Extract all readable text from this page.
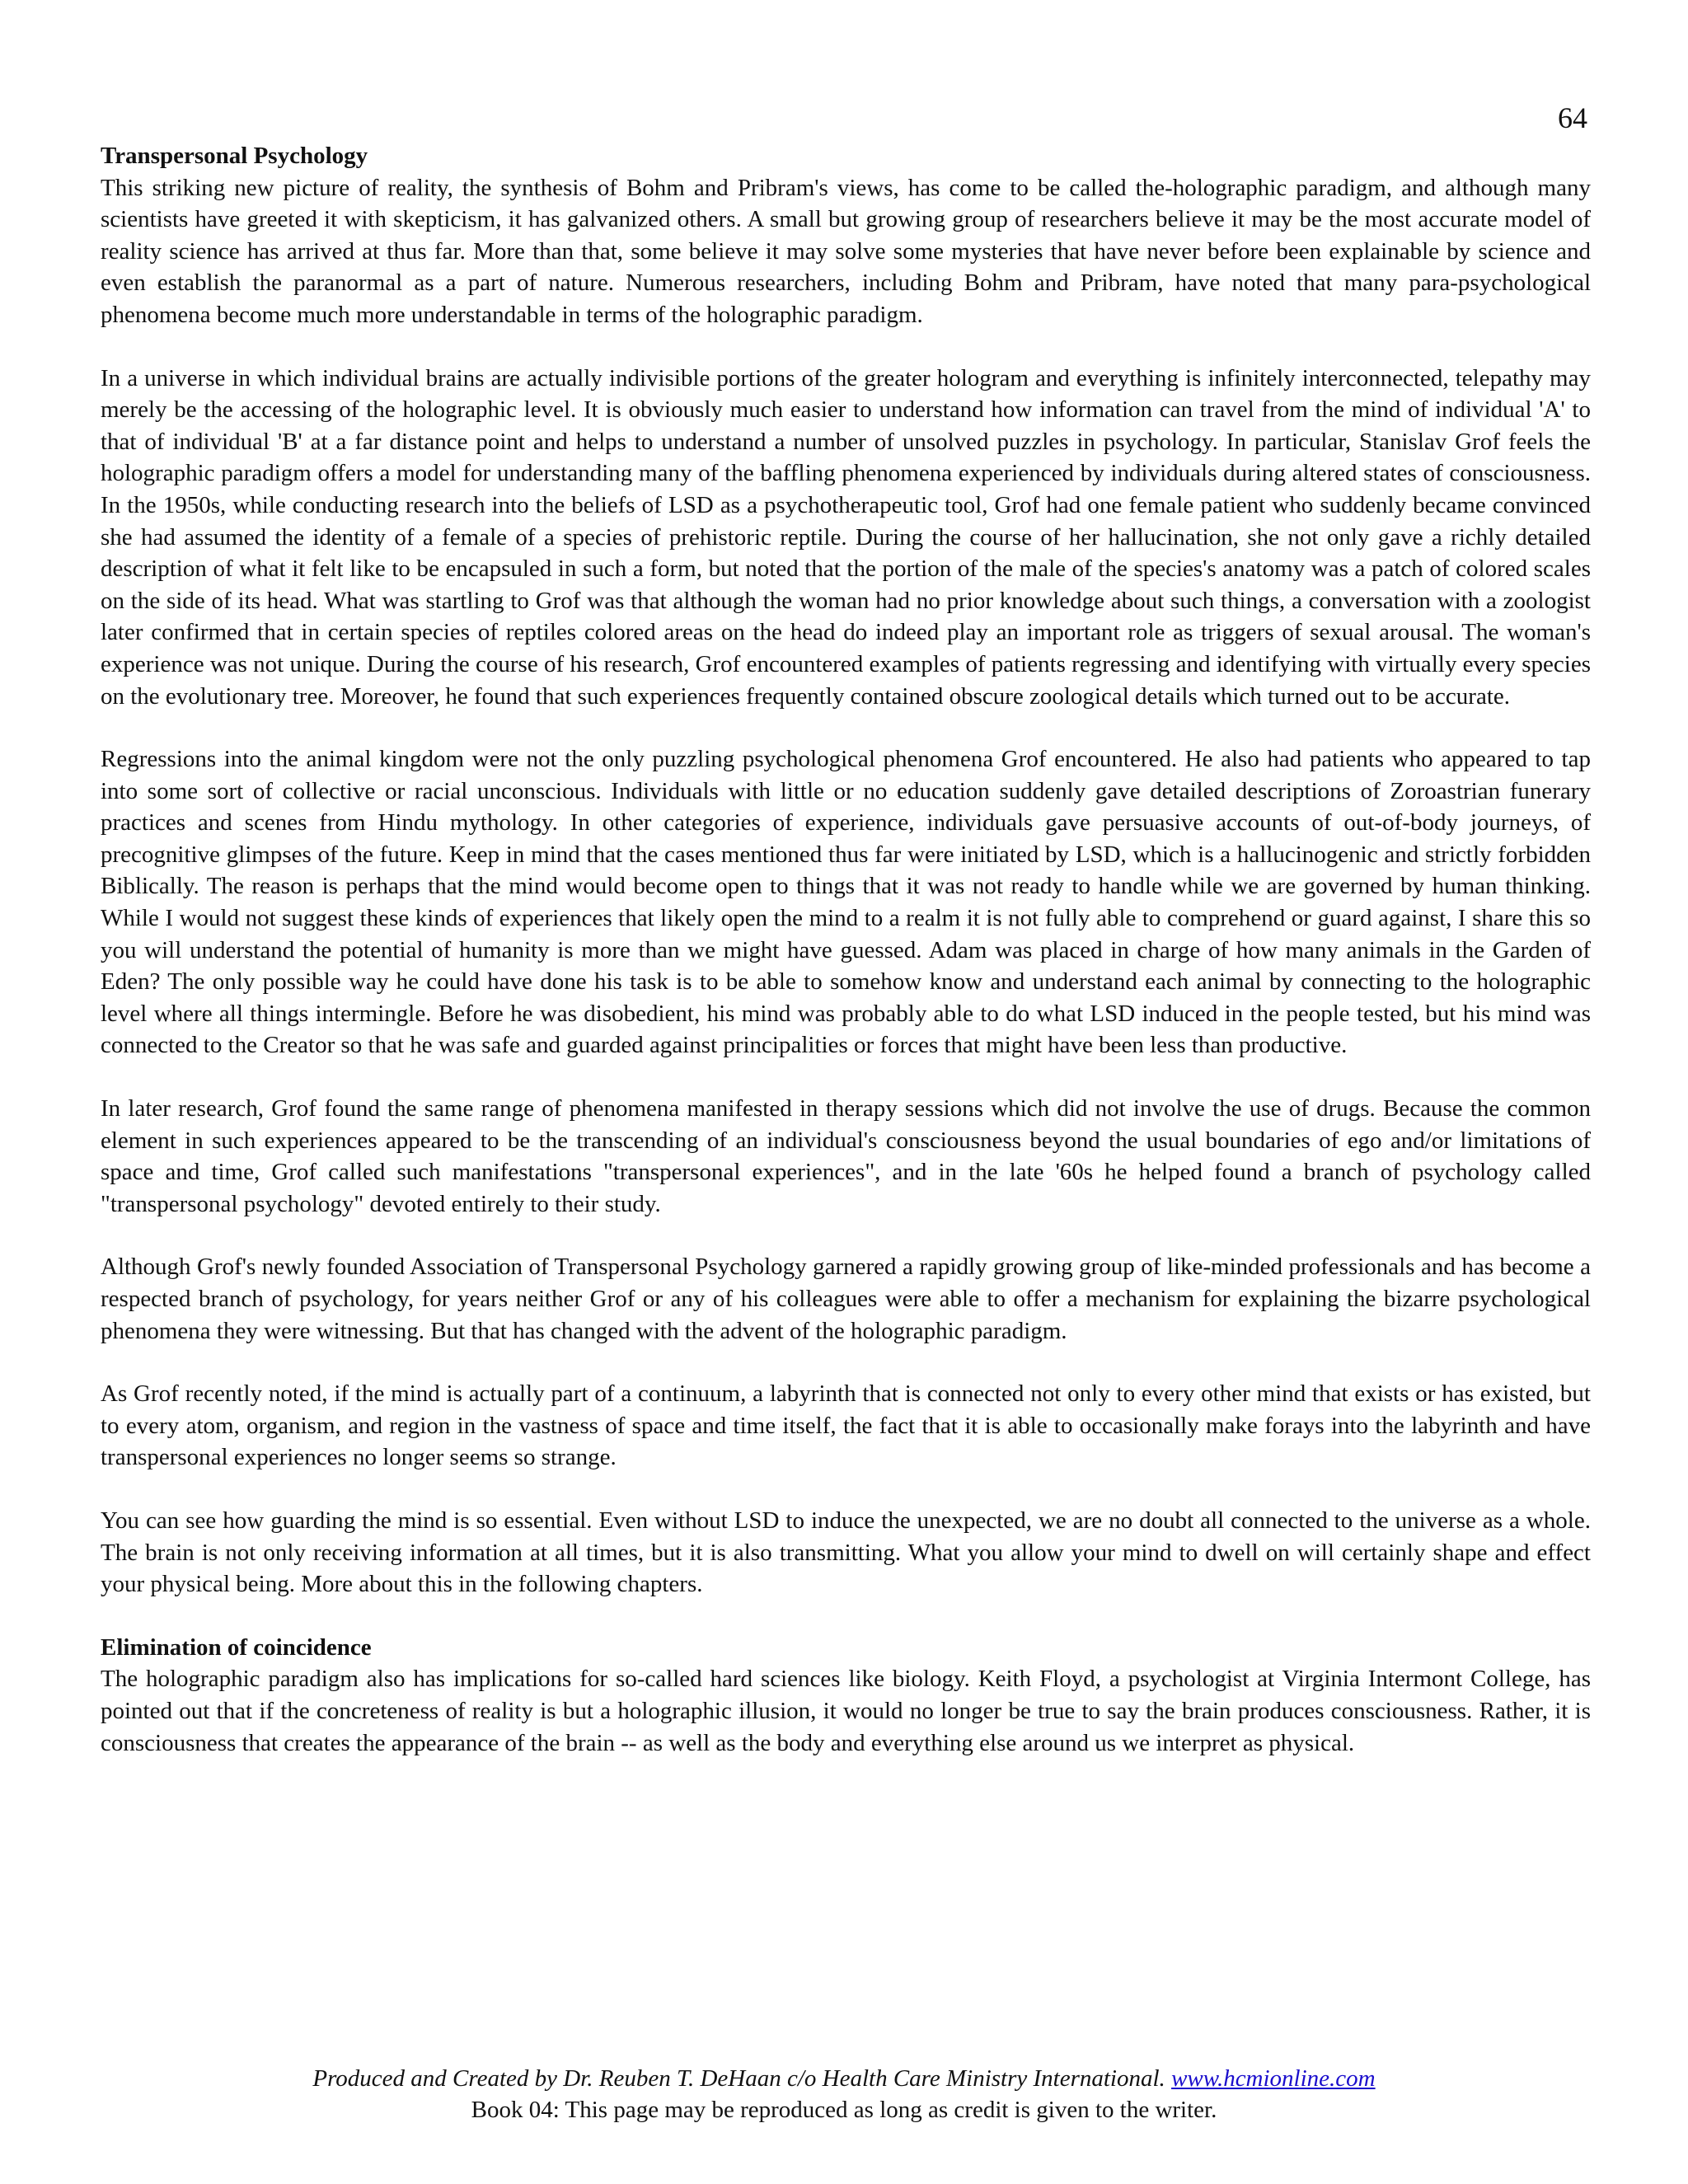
64

Transpersonal Psychology

This striking new picture of reality, the synthesis of Bohm and Pribram's views, has come to be called the-holographic paradigm, and although many scientists have greeted it with skepticism, it has galvanized others. A small but growing group of researchers believe it may be the most accurate model of reality science has arrived at thus far. More than that, some believe it may solve some mysteries that have never before been explainable by science and even establish the paranormal as a part of nature. Numerous researchers, including Bohm and Pribram, have noted that many para-psychological phenomena become much more understandable in terms of the holographic paradigm.

In a universe in which individual brains are actually indivisible portions of the greater hologram and everything is infinitely interconnected, telepathy may merely be the accessing of the holographic level. It is obviously much easier to understand how information can travel from the mind of individual 'A' to that of individual 'B' at a far distance point and helps to understand a number of unsolved puzzles in psychology. In particular, Stanislav Grof feels the holographic paradigm offers a model for understanding many of the baffling phenomena experienced by individuals during altered states of consciousness. In the 1950s, while conducting research into the beliefs of LSD as a psychotherapeutic tool, Grof had one female patient who suddenly became convinced she had assumed the identity of a female of a species of prehistoric reptile. During the course of her hallucination, she not only gave a richly detailed description of what it felt like to be encapsuled in such a form, but noted that the portion of the male of the species's anatomy was a patch of colored scales on the side of its head. What was startling to Grof was that although the woman had no prior knowledge about such things, a conversation with a zoologist later confirmed that in certain species of reptiles colored areas on the head do indeed play an important role as triggers of sexual arousal. The woman's experience was not unique. During the course of his research, Grof encountered examples of patients regressing and identifying with virtually every species on the evolutionary tree. Moreover, he found that such experiences frequently contained obscure zoological details which turned out to be accurate.

Regressions into the animal kingdom were not the only puzzling psychological phenomena Grof encountered. He also had patients who appeared to tap into some sort of collective or racial unconscious. Individuals with little or no education suddenly gave detailed descriptions of Zoroastrian funerary practices and scenes from Hindu mythology. In other categories of experience, individuals gave persuasive accounts of out-of-body journeys, of precognitive glimpses of the future. Keep in mind that the cases mentioned thus far were initiated by LSD, which is a hallucinogenic and strictly forbidden Biblically. The reason is perhaps that the mind would become open to things that it was not ready to handle while we are governed by human thinking. While I would not suggest these kinds of experiences that likely open the mind to a realm it is not fully able to comprehend or guard against, I share this so you will understand the potential of humanity is more than we might have guessed. Adam was placed in charge of how many animals in the Garden of Eden? The only possible way he could have done his task is to be able to somehow know and understand each animal by connecting to the holographic level where all things intermingle. Before he was disobedient, his mind was probably able to do what LSD induced in the people tested, but his mind was connected to the Creator so that he was safe and guarded against principalities or forces that might have been less than productive.

In later research, Grof found the same range of phenomena manifested in therapy sessions which did not involve the use of drugs. Because the common element in such experiences appeared to be the transcending of an individual's consciousness beyond the usual boundaries of ego and/or limitations of space and time, Grof called such manifestations "transpersonal experiences", and in the late '60s he helped found a branch of psychology called "transpersonal psychology" devoted entirely to their study.

Although Grof's newly founded Association of Transpersonal Psychology garnered a rapidly growing group of like-minded professionals and has become a respected branch of psychology, for years neither Grof or any of his colleagues were able to offer a mechanism for explaining the bizarre psychological phenomena they were witnessing. But that has changed with the advent of the holographic paradigm.

As Grof recently noted, if the mind is actually part of a continuum, a labyrinth that is connected not only to every other mind that exists or has existed, but to every atom, organism, and region in the vastness of space and time itself, the fact that it is able to occasionally make forays into the labyrinth and have transpersonal experiences no longer seems so strange.

You can see how guarding the mind is so essential. Even without LSD to induce the unexpected, we are no doubt all connected to the universe as a whole. The brain is not only receiving information at all times, but it is also transmitting. What you allow your mind to dwell on will certainly shape and effect your physical being. More about this in the following chapters.

Elimination of coincidence

The holographic paradigm also has implications for so-called hard sciences like biology. Keith Floyd, a psychologist at Virginia Intermont College, has pointed out that if the concreteness of reality is but a holographic illusion, it would no longer be true to say the brain produces consciousness. Rather, it is consciousness that creates the appearance of the brain -- as well as the body and everything else around us we interpret as physical.

Produced and Created by Dr. Reuben T. DeHaan c/o Health Care Ministry International. www.hcmionline.com
Book 04: This page may be reproduced as long as credit is given to the writer.
